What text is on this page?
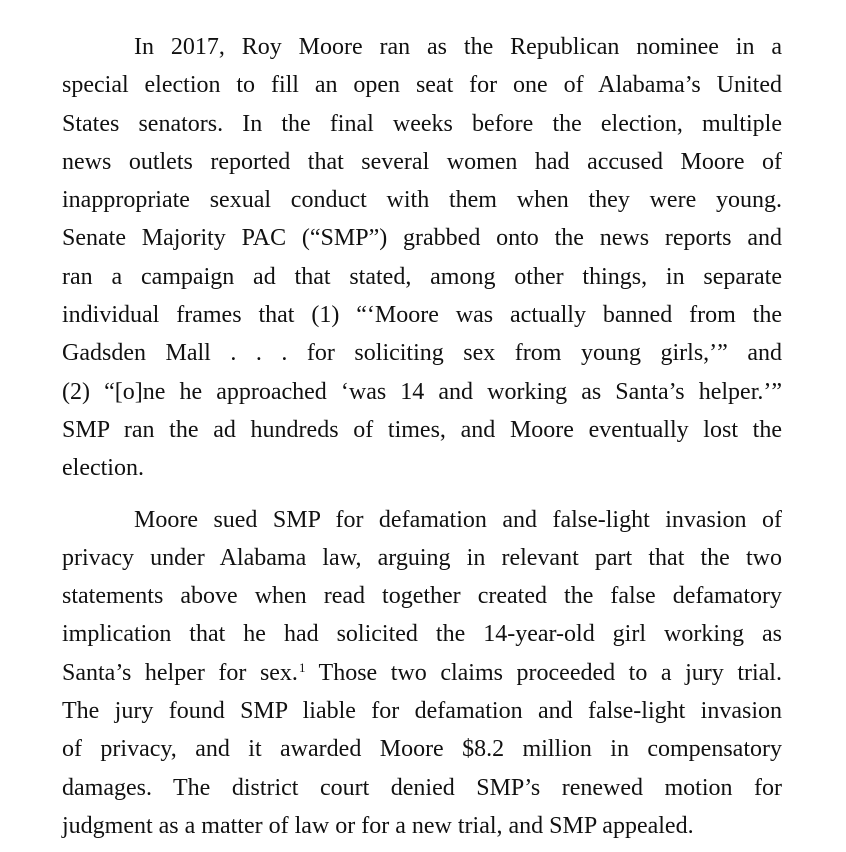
In 2017, Roy Moore ran as the Republican nominee in a
special election to fill an open seat for one of Alabama’s United
States senators. In the final weeks before the election, multiple
news outlets reported that several women had accused Moore of
inappropriate sexual conduct with them when they were young.
Senate Majority PAC (“SMP”) grabbed onto the news reports and
ran a campaign ad that stated, among other things, in separate
individual frames that (1) “‘Moore was actually banned from the
Gadsden Mall . . . for soliciting sex from young girls,’” and
(2) “[o]ne he approached ‘was 14 and working as Santa’s helper.’”
SMP ran the ad hundreds of times, and Moore eventually lost the
election.

Moore sued SMP for defamation and false-light invasion of
privacy under Alabama law, arguing in relevant part that the two
statements above when read together created the false defamatory
implication that he had solicited the 14-year-old girl working as
Santa’s helper for sex.$^1$ Those two claims proceeded to a jury trial.
The jury found SMP liable for defamation and false-light invasion
of privacy, and it awarded Moore $8.2 million in compensatory
damages. The district court denied SMP’s renewed motion for
judgment as a matter of law or for a new trial, and SMP appealed.
